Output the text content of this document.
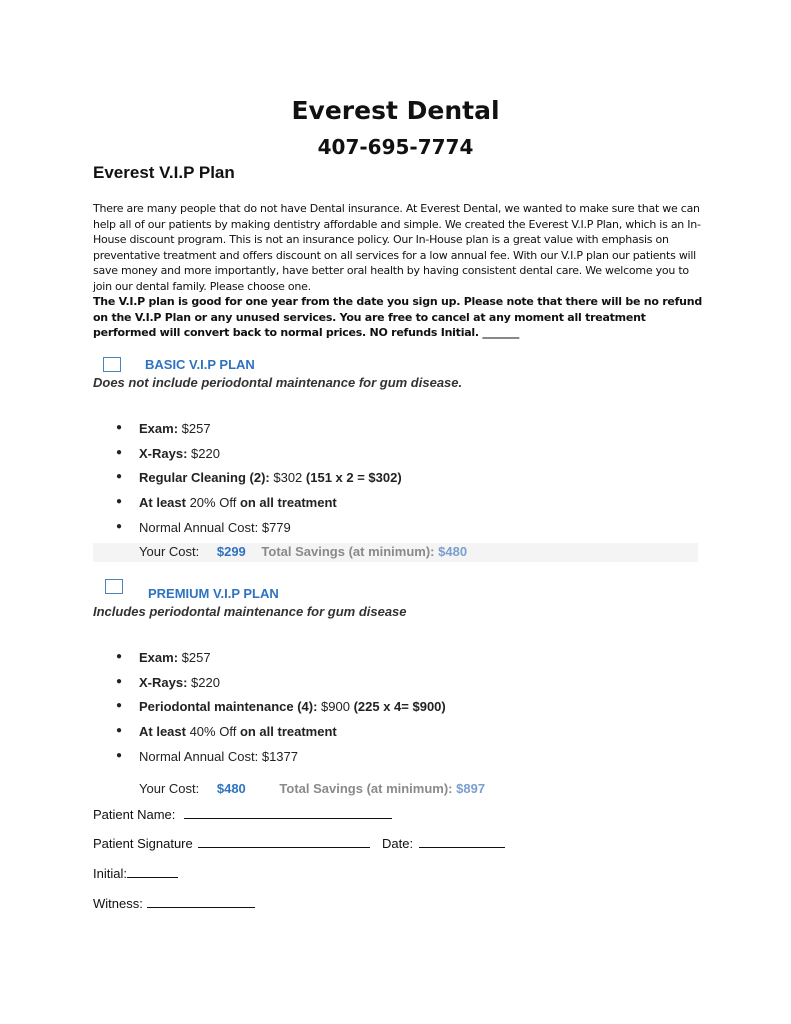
Everest Dental
407-695-7774
Everest V.I.P Plan

There are many people that do not have Dental insurance. At Everest Dental, we wanted to make sure that we can help all of our patients by making dentistry affordable and simple. We created the Everest V.I.P Plan, which is an In-House discount program. This is not an insurance policy. Our In-House plan is a great value with emphasis on preventative treatment and offers discount on all services for a low annual fee. With our V.I.P plan our patients will save money and more importantly, have better oral health by having consistent dental care. We welcome you to join our dental family. Please choose one.

The V.I.P plan is good for one year from the date you sign up. Please note that there will be no refund on the V.I.P Plan or any unused services. You are free to cancel at any moment all treatment performed will convert back to normal prices. NO refunds Initial. _______

BASIC V.I.P PLAN
Does not include periodontal maintenance for gum disease.
● Exam: $257
● X-Rays: $220
● Regular Cleaning (2): $302 (151 x 2 = $302)
● At least 20% Off on all treatment
● Normal Annual Cost: $779
Your Cost: $299 Total Savings (at minimum): $480
PREMIUM V.I.P PLAN
Includes periodontal maintenance for gum disease
● Exam: $257
● X-Rays: $220
● Periodontal maintenance (4): $900 (225 x 4= $900)
● At least 40% Off on all treatment
● Normal Annual Cost: $1377
Your Cost: $480	Total Savings (at minimum): $897
Patient Name:
Patient Signature	Date:
Initial:
Witness:
